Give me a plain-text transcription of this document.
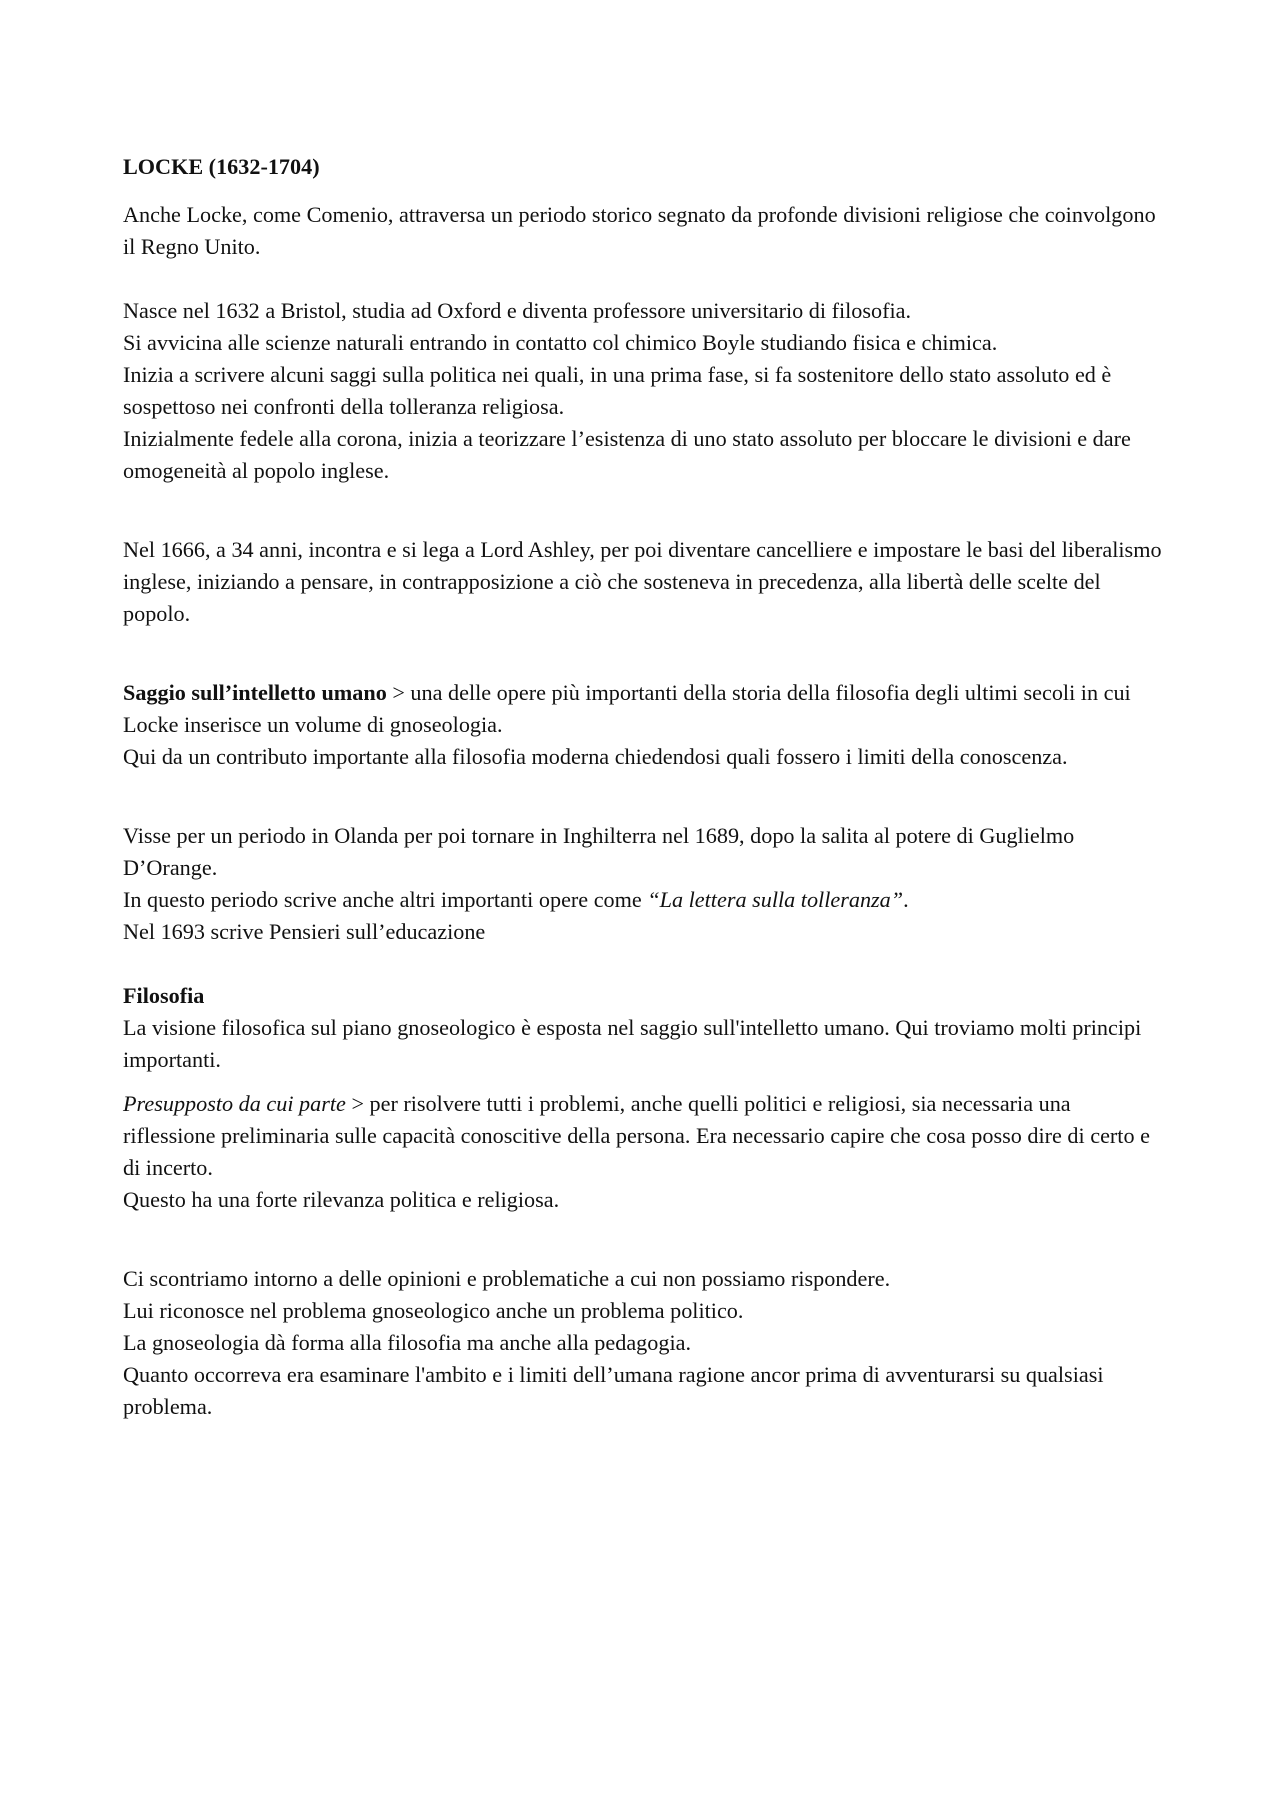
LOCKE (1632-1704)

Anche Locke, come Comenio, attraversa un periodo storico segnato da profonde divisioni religiose che coinvolgono il Regno Unito.

Nasce nel 1632 a Bristol, studia ad Oxford e diventa professore universitario di filosofia.

Si avvicina alle scienze naturali entrando in contatto col chimico Boyle studiando fisica e chimica.

Inizia a scrivere alcuni saggi sulla politica nei quali, in una prima fase, si fa sostenitore dello stato assoluto ed è sospettoso nei confronti della tolleranza religiosa.

Inizialmente fedele alla corona, inizia a teorizzare l’esistenza di uno stato assoluto per bloccare le divisioni e dare omogeneità al popolo inglese.

Nel 1666, a 34 anni, incontra e si lega a Lord Ashley, per poi diventare cancelliere e impostare le basi del liberalismo inglese, iniziando a pensare, in contrapposizione a ciò che sosteneva in precedenza, alla libertà delle scelte del popolo.

Saggio sull’intelletto umano > una delle opere più importanti della storia della filosofia degli ultimi secoli in cui Locke inserisce un volume di gnoseologia.

Qui da un contributo importante alla filosofia moderna chiedendosi quali fossero i limiti della conoscenza.

Visse per un periodo in Olanda per poi tornare in Inghilterra nel 1689, dopo la salita al potere di Guglielmo D’Orange.

In questo periodo scrive anche altri importanti opere come “La lettera sulla tolleranza”.

Nel 1693 scrive Pensieri sull’educazione

Filosofia

La visione filosofica sul piano gnoseologico è esposta nel saggio sull'intelletto umano. Qui troviamo molti principi importanti.

Presupposto da cui parte > per risolvere tutti i problemi, anche quelli politici e religiosi, sia necessaria una riflessione preliminaria sulle capacità conoscitive della persona. Era necessario capire che cosa posso dire di certo e di incerto.

Questo ha una forte rilevanza politica e religiosa.

Ci scontriamo intorno a delle opinioni e problematiche a cui non possiamo rispondere.

Lui riconosce nel problema gnoseologico anche un problema politico.

La gnoseologia dà forma alla filosofia ma anche alla pedagogia.

Quanto occorreva era esaminare l'ambito e i limiti dell’umana ragione ancor prima di avventurarsi su qualsiasi problema.
